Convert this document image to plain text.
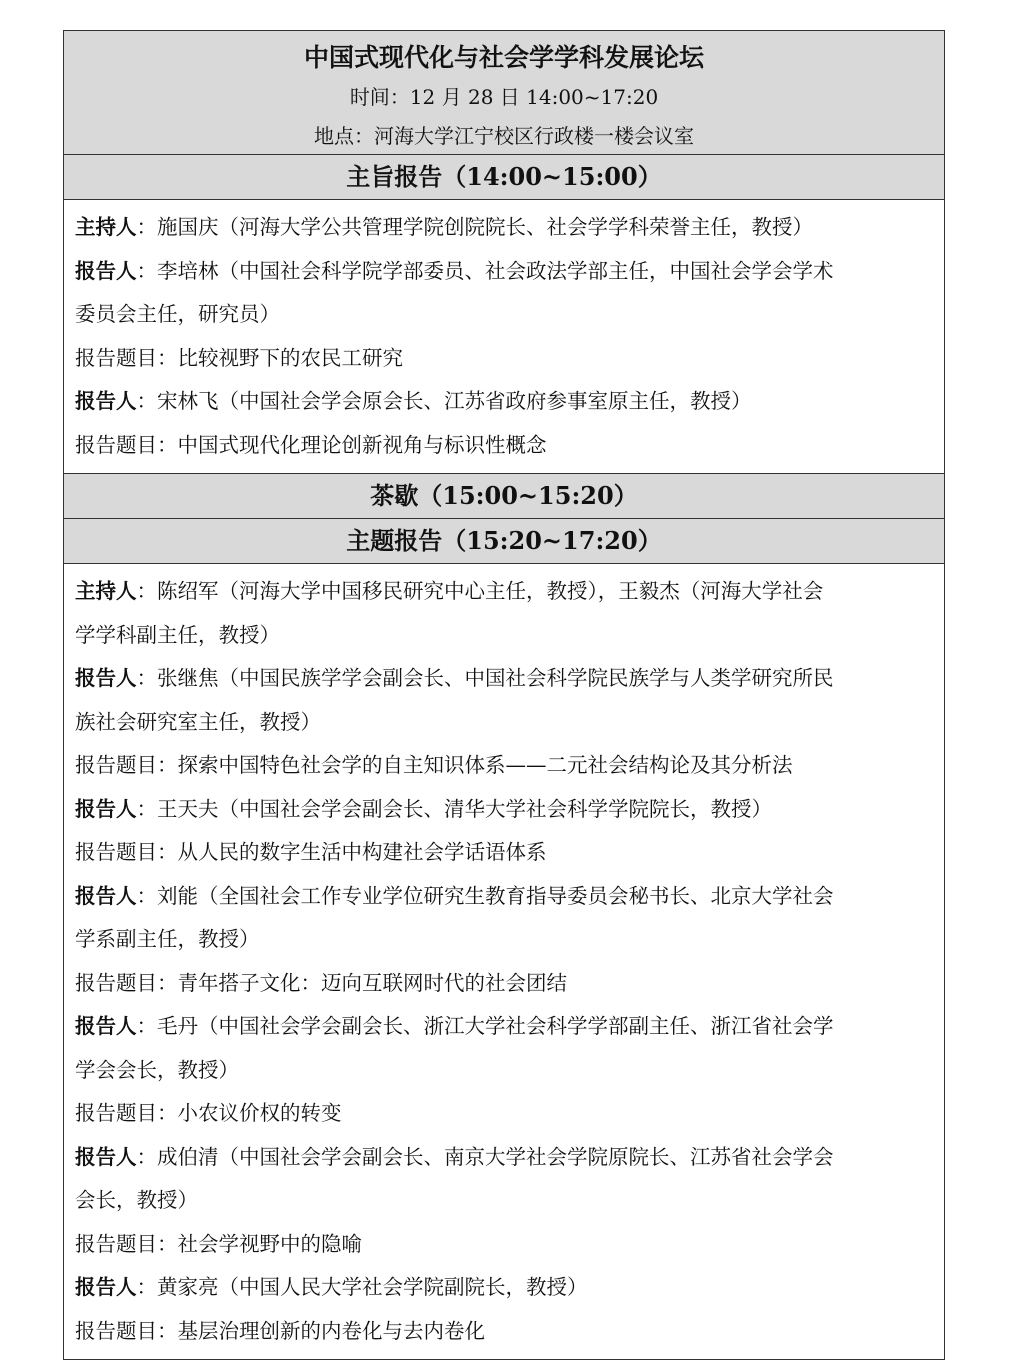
中国式现代化与社会学学科发展论坛
时间：12 月 28 日 14:00~17:20
地点：河海大学江宁校区行政楼一楼会议室
主旨报告（14:00~15:00）
主持人：施国庆（河海大学公共管理学院创院院长、社会学学科荣誉主任，教授）
报告人：李培林（中国社会科学院学部委员、社会政法学部主任，中国社会学会学术
委员会主任，研究员）
报告题目：比较视野下的农民工研究
报告人：宋林飞（中国社会学会原会长、江苏省政府参事室原主任，教授）
报告题目：中国式现代化理论创新视角与标识性概念
茶歇（15:00~15:20）
主题报告（15:20~17:20）
主持人：陈绍军（河海大学中国移民研究中心主任，教授），王毅杰（河海大学社会
学学科副主任，教授）
报告人：张继焦（中国民族学学会副会长、中国社会科学院民族学与人类学研究所民
族社会研究室主任，教授）
报告题目：探索中国特色社会学的自主知识体系——二元社会结构论及其分析法
报告人：王天夫（中国社会学会副会长、清华大学社会科学学院院长，教授）
报告题目：从人民的数字生活中构建社会学话语体系
报告人：刘能（全国社会工作专业学位研究生教育指导委员会秘书长、北京大学社会
学系副主任，教授）
报告题目：青年搭子文化：迈向互联网时代的社会团结
报告人：毛丹（中国社会学会副会长、浙江大学社会科学学部副主任、浙江省社会学
学会会长，教授）
报告题目：小农议价权的转变
报告人：成伯清（中国社会学会副会长、南京大学社会学院原院长、江苏省社会学会
会长，教授）
报告题目：社会学视野中的隐喻
报告人：黄家亮（中国人民大学社会学院副院长，教授）
报告题目：基层治理创新的内卷化与去内卷化
